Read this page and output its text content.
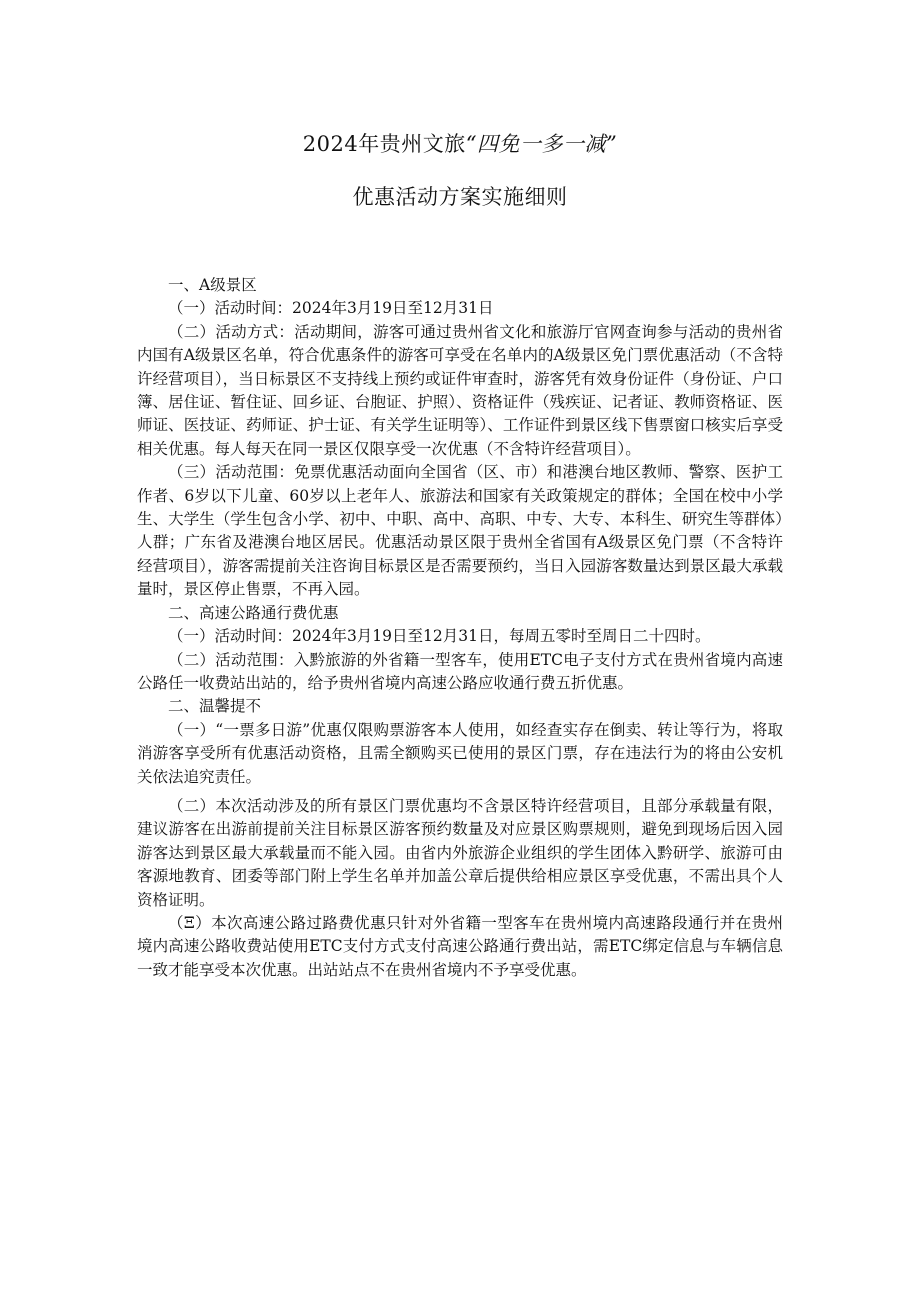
2024年贵州文旅“四免一多一减”
优惠活动方案实施细则

一、A级景区

（一）活动时间：2024年3月19日至12月31日

（二）活动方式：活动期间，游客可通过贵州省文化和旅游厅官网查询参与活动的贵州省内国有A级景区名单，符合优惠条件的游客可享受在名单内的A级景区免门票优惠活动（不含特许经营项目），当日标景区不支持线上预约或证件审查时，游客凭有效身份证件（身份证、户口簿、居住证、暂住证、回乡证、台胞证、护照）、资格证件（残疾证、记者证、教师资格证、医师证、医技证、药师证、护士证、有关学生证明等）、工作证件到景区线下售票窗口核实后享受相关优惠。每人每天在同一景区仅限享受一次优惠（不含特许经营项目）。

（三）活动范围：免票优惠活动面向全国省（区、市）和港澳台地区教师、警察、医护工作者、6岁以下儿童、60岁以上老年人、旅游法和国家有关政策规定的群体；全国在校中小学生、大学生（学生包含小学、初中、中职、高中、高职、中专、大专、本科生、研究生等群体）人群；广东省及港澳台地区居民。优惠活动景区限于贵州全省国有A级景区免门票（不含特许经营项目），游客需提前关注咨询目标景区是否需要预约，当日入园游客数量达到景区最大承载量时，景区停止售票，不再入园。

二、高速公路通行费优惠

（一）活动时间：2024年3月19日至12月31日，每周五零时至周日二十四时。

（二）活动范围：入黔旅游的外省籍一型客车，使用ETC电子支付方式在贵州省境内高速公路任一收费站出站的，给予贵州省境内高速公路应收通行费五折优惠。

二、温馨提不

（一）“一票多日游”优惠仅限购票游客本人使用，如经查实存在倒卖、转让等行为，将取消游客享受所有优惠活动资格，且需全额购买已使用的景区门票，存在违法行为的将由公安机关依法追究责任。

（二）本次活动涉及的所有景区门票优惠均不含景区特许经营项目，且部分承载量有限，建议游客在出游前提前关注目标景区游客预约数量及对应景区购票规则，避免到现场后因入园游客达到景区最大承载量而不能入园。由省内外旅游企业组织的学生团体入黔研学、旅游可由客源地教育、团委等部门附上学生名单并加盖公章后提供给相应景区享受优惠，不需出具个人资格证明。

（Ξ）本次高速公路过路费优惠只针对外省籍一型客车在贵州境内高速路段通行并在贵州境内高速公路收费站使用ETC支付方式支付高速公路通行费出站，需ETC绑定信息与车辆信息一致才能享受本次优惠。出站站点不在贵州省境内不予享受优惠。
